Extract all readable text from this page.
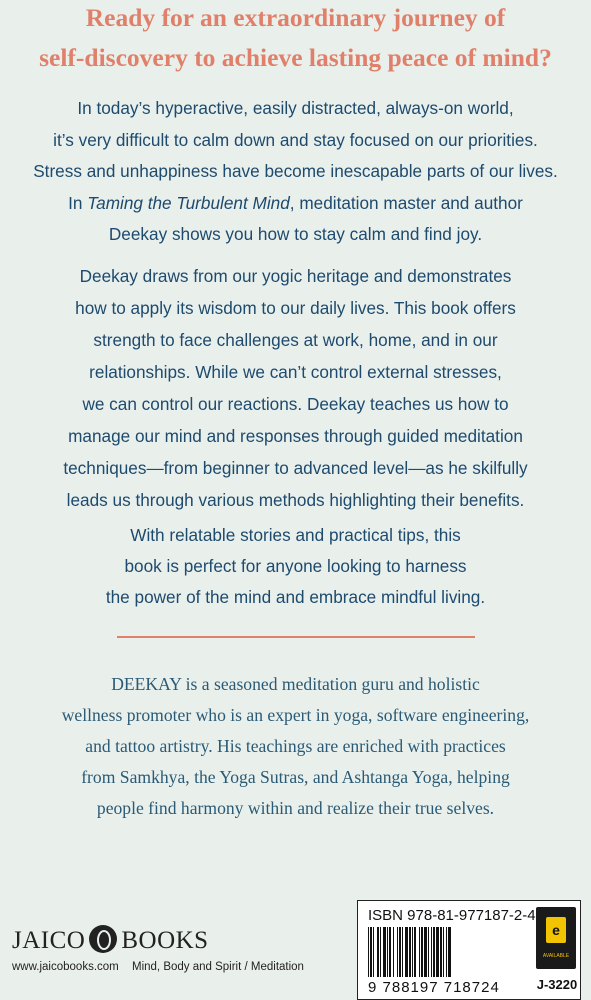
Ready for an extraordinary journey of
self-discovery to achieve lasting peace of mind?
In today’s hyperactive, easily distracted, always-on world,
it’s very difficult to calm down and stay focused on our priorities.
Stress and unhappiness have become inescapable parts of our lives.
In Taming the Turbulent Mind, meditation master and author
Deekay shows you how to stay calm and find joy.
Deekay draws from our yogic heritage and demonstrates
how to apply its wisdom to our daily lives. This book offers
strength to face challenges at work, home, and in our
relationships. While we can’t control external stresses,
we can control our reactions. Deekay teaches us how to
manage our mind and responses through guided meditation
techniques—from beginner to advanced level—as he skilfully
leads us through various methods highlighting their benefits.
With relatable stories and practical tips, this
book is perfect for anyone looking to harness
the power of the mind and embrace mindful living.
DEEKAY is a seasoned meditation guru and holistic
wellness promoter who is an expert in yoga, software engineering,
and tattoo artistry. His teachings are enriched with practices
from Samkhya, the Yoga Sutras, and Ashtanga Yoga, helping
people find harmony within and realize their true selves.
JAICO BOOKS
www.jaicobooks.com Mind, Body and Spirit / Meditation
ISBN 978-81-977187-2-4
9 788197 718724
e
AVAILABLE
J-3220
